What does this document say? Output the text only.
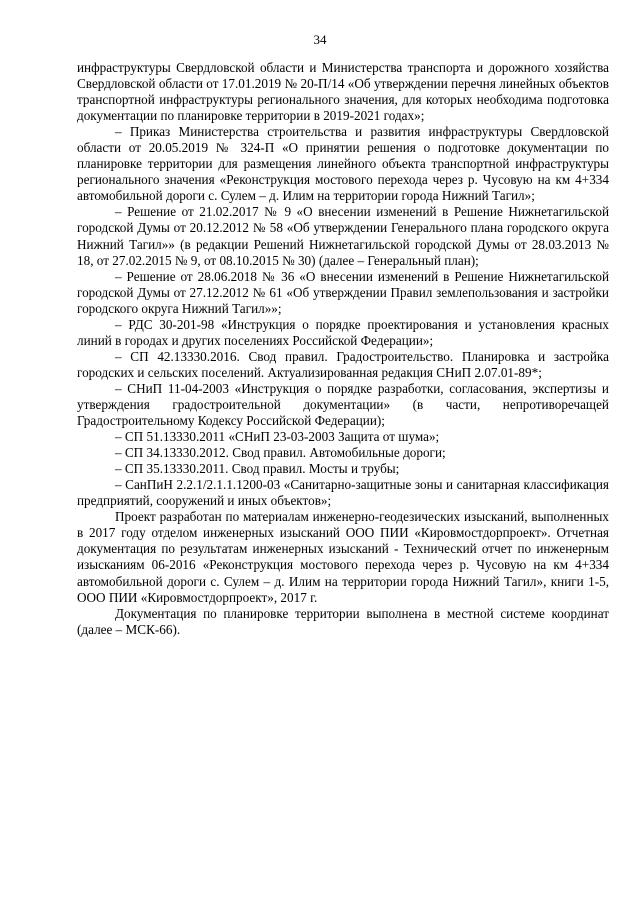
34

инфраструктуры Свердловской области и Министерства транспорта и дорожного хозяйства Свердловской области от 17.01.2019 № 20-П/14 «Об утверждении перечня линейных объектов транспортной инфраструктуры регионального значения, для которых необходима подготовка документации по планировке территории в 2019-2021 годах»;

– Приказ Министерства строительства и развития инфраструктуры Свердловской области от 20.05.2019 № 324-П «О принятии решения о подготовке документации по планировке территории для размещения линейного объекта транспортной инфраструктуры регионального значения «Реконструкция мостового перехода через р. Чусовую на км 4+334 автомобильной дороги с. Сулем – д. Илим на территории города Нижний Тагил»;

– Решение от 21.02.2017 № 9 «О внесении изменений в Решение Нижнетагильской городской Думы от 20.12.2012 № 58 «Об утверждении Генерального плана городского округа Нижний Тагил»» (в редакции Решений Нижнетагильской городской Думы от 28.03.2013 № 18, от 27.02.2015 № 9, от 08.10.2015 № 30) (далее – Генеральный план);

– Решение от 28.06.2018 № 36 «О внесении изменений в Решение Нижнетагильской городской Думы от 27.12.2012 № 61 «Об утверждении Правил землепользования и застройки городского округа Нижний Тагил»»;

– РДС 30-201-98 «Инструкция о порядке проектирования и установления красных линий в городах и других поселениях Российской Федерации»;

– СП 42.13330.2016. Свод правил. Градостроительство. Планировка и застройка городских и сельских поселений. Актуализированная редакция СНиП 2.07.01-89*;

– СНиП 11-04-2003 «Инструкция о порядке разработки, согласования, экспертизы и утверждения градостроительной документации» (в части, непротиворечащей Градостроительному Кодексу Российской Федерации);

– СП 51.13330.2011 «СНиП 23-03-2003 Защита от шума»;

– СП 34.13330.2012. Свод правил. Автомобильные дороги;

– СП 35.13330.2011. Свод правил. Мосты и трубы;

– СанПиН 2.2.1/2.1.1.1200-03 «Санитарно-защитные зоны и санитарная классификация предприятий, сооружений и иных объектов»;

Проект разработан по материалам инженерно-геодезических изысканий, выполненных в 2017 году отделом инженерных изысканий ООО ПИИ «Кировмостдорпроект». Отчетная документация по результатам инженерных изысканий - Технический отчет по инженерным изысканиям 06-2016 «Реконструкция мостового перехода через р. Чусовую на км 4+334 автомобильной дороги с. Сулем – д. Илим на территории города Нижний Тагил», книги 1-5, ООО ПИИ «Кировмостдорпроект», 2017 г.

Документация по планировке территории выполнена в местной системе координат (далее – МСК-66).
